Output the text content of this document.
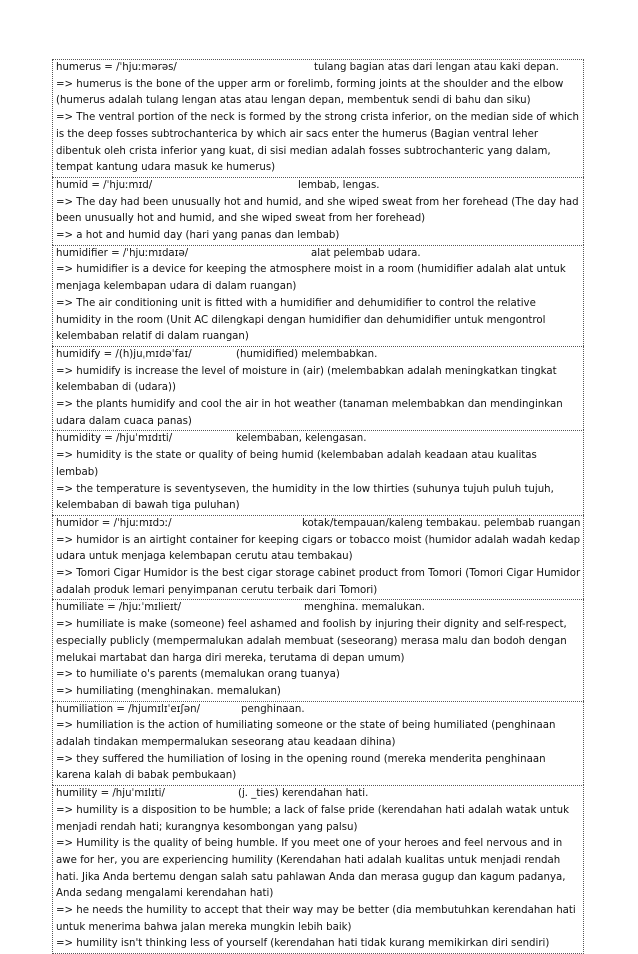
humerus = /ˈhjuːmərəs/	tulang bagian atas dari lengan atau kaki depan.

=> humerus is the bone of the upper arm or forelimb, forming joints at the shoulder and the elbow (humerus adalah tulang lengan atas atau lengan depan, membentuk sendi di bahu dan siku)

=> The ventral portion of the neck is formed by the strong crista inferior, on the median side of which is the deep fosses subtrochanterica by which air sacs enter the humerus (Bagian ventral leher dibentuk oleh crista inferior yang kuat, di sisi median adalah fosses subtrochanteric yang dalam, tempat kantung udara masuk ke humerus)

humid = /ˈhjuːmɪd/	lembab, lengas.

=> The day had been unusually hot and humid, and she wiped sweat from her forehead (The day had been unusually hot and humid, and she wiped sweat from her forehead)

=> a hot and humid day (hari yang panas dan lembab)

humidifier = /ˈhjuːmɪdaɪə/	alat pelembab udara.

=> humidifier is a device for keeping the atmosphere moist in a room (humidifier adalah alat untuk menjaga kelembapan udara di dalam ruangan)

=> The air conditioning unit is fitted with a humidifier and dehumidifier to control the relative humidity in the room (Unit AC dilengkapi dengan humidifier dan dehumidifier untuk mengontrol kelembaban relatif di dalam ruangan)

humidify = /(h)juˌmɪdəˈfaɪ/	(humidified) melembabkan.

=> humidify is increase the level of moisture in (air) (melembabkan adalah meningkatkan tingkat kelembaban di (udara))

=> the plants humidify and cool the air in hot weather (tanaman melembabkan dan mendinginkan udara dalam cuaca panas)

humidity = /hjuˈmɪdɪti/	kelembaban, kelengasan.

=> humidity is the state or quality of being humid (kelembaban adalah keadaan atau kualitas lembab)

=> the temperature is seventyseven, the humidity in the low thirties (suhunya tujuh puluh tujuh, kelembaban di bawah tiga puluhan)

humidor = /ˈhjuːmɪdɔː/	kotak/tempauan/kaleng tembakau. pelembab ruangan

=> humidor is an airtight container for keeping cigars or tobacco moist (humidor adalah wadah kedap udara untuk menjaga kelembapan cerutu atau tembakau)

=> Tomori Cigar Humidor is the best cigar storage cabinet product from Tomori (Tomori Cigar Humidor adalah produk lemari penyimpanan cerutu terbaik dari Tomori)

humiliate = /hjuːˈmɪlieɪt/	menghina. memalukan.

=> humiliate is make (someone) feel ashamed and foolish by injuring their dignity and self-respect, especially publicly (mempermalukan adalah membuat (seseorang) merasa malu dan bodoh dengan melukai martabat dan harga diri mereka, terutama di depan umum)

=> to humiliate o's parents (memalukan orang tuanya)

=> humiliating (menghinakan. memalukan)

humiliation = /hjumɪlɪˈeɪʃən/	penghinaan.

=> humiliation is the action of humiliating someone or the state of being humiliated (penghinaan adalah tindakan mempermalukan seseorang atau keadaan dihina)

=> they suffered the humiliation of losing in the opening round (mereka menderita penghinaan karena kalah di babak pembukaan)

humility = /hjuˈmɪlɪti/	(j. _ties) kerendahan hati.

=> humility is a disposition to be humble; a lack of false pride (kerendahan hati adalah watak untuk menjadi rendah hati; kurangnya kesombongan yang palsu)

=> Humility is the quality of being humble. If you meet one of your heroes and feel nervous and in awe for her, you are experiencing humility (Kerendahan hati adalah kualitas untuk menjadi rendah hati. Jika Anda bertemu dengan salah satu pahlawan Anda dan merasa gugup dan kagum padanya, Anda sedang mengalami kerendahan hati)

=> he needs the humility to accept that their way may be better (dia membutuhkan kerendahan hati untuk menerima bahwa jalan mereka mungkin lebih baik)

=> humility isn't thinking less of yourself (kerendahan hati tidak kurang memikirkan diri sendiri)
